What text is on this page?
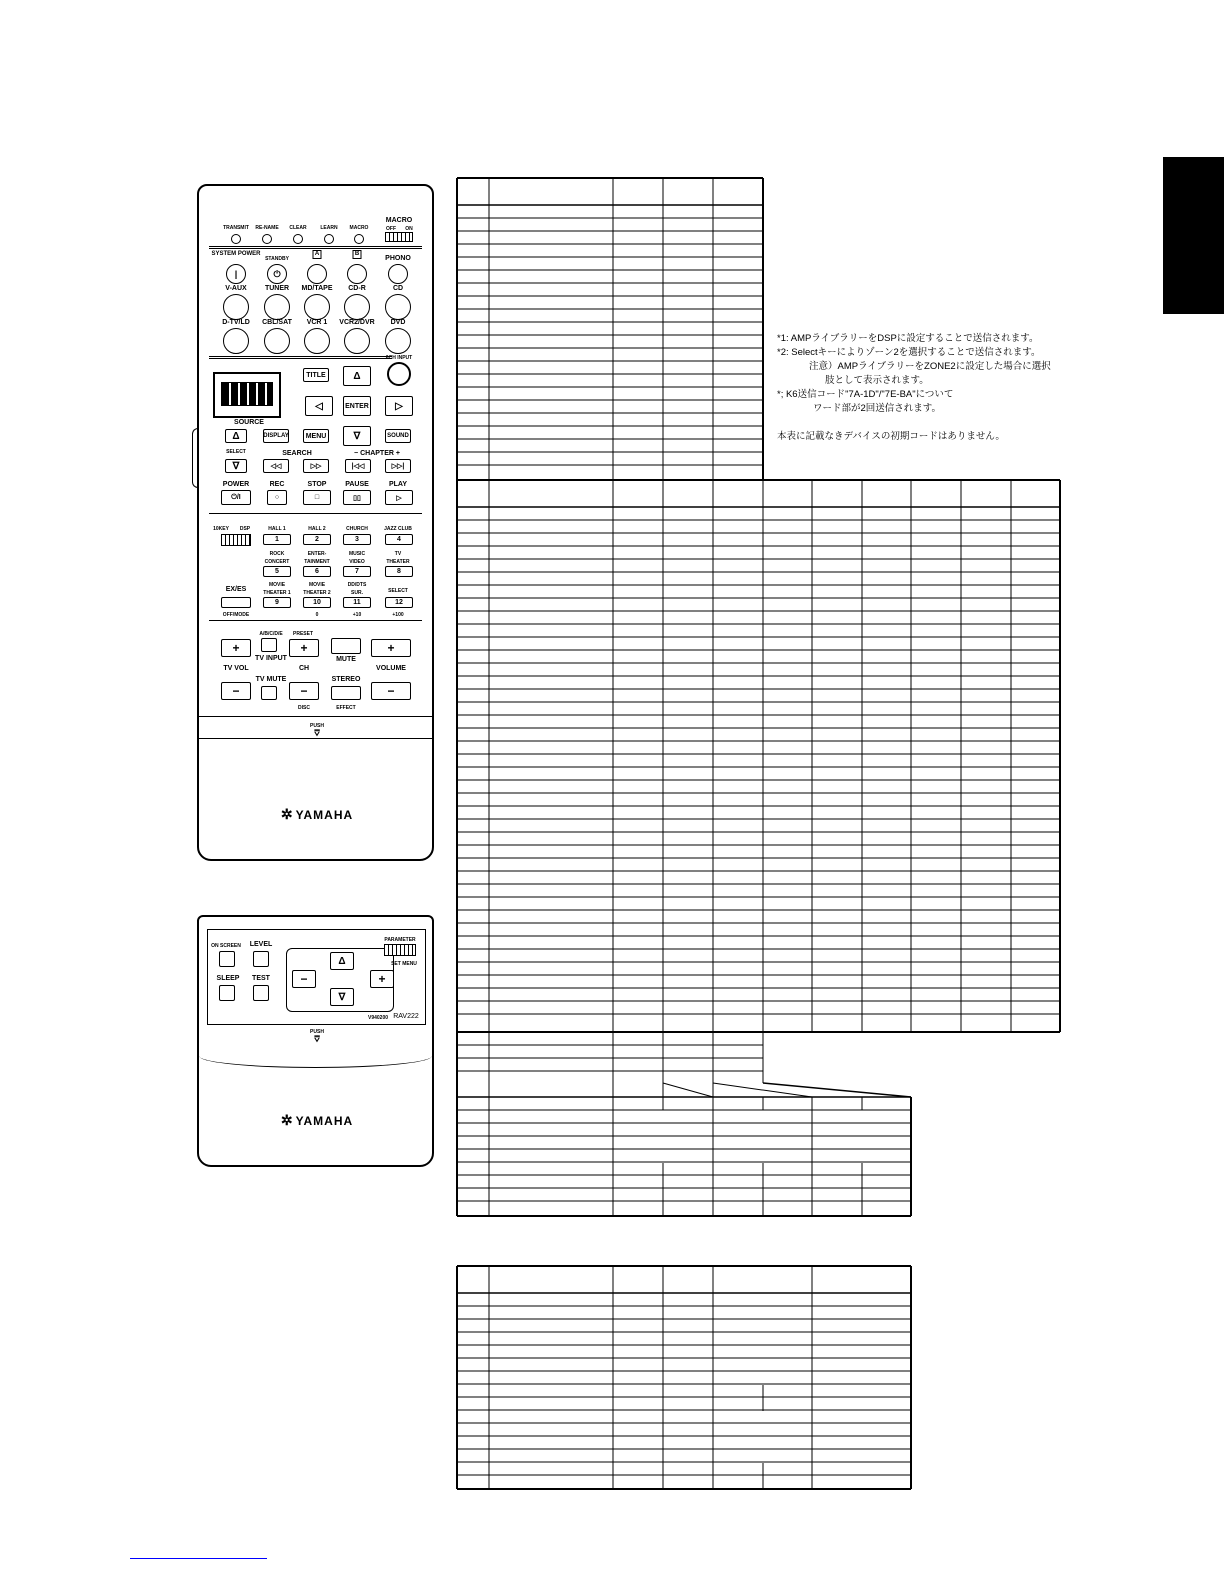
TRANSMIT RE-NAME CLEAR	LEARN MACRO
MACRO
OFF ON
SYSTEM POWER
STANDBY
A	B
PHONO
|	⏻
V-AUX	TUNER MD/TAPE CD-R	CD
D-TV/LD CBL/SAT VCR 1 VCR2/DVR DVD
6CH INPUT
TITLE	Δ
◁	ENTER	▷
∇
SOURCE
Δ	DISPLAY	MENU	SOUND
SELECT	SEARCH	− CHAPTER +
∇	◁◁	▷▷	|◁◁	▷▷|
POWER	REC	STOP	PAUSE	PLAY
⏻/I	○	□	▯▯	▷
10KEY DSP	HALL 1	HALL 2	CHURCH	JAZZ CLUB
1	2	3	4
ROCK CONCERT
ENTER-TAINMENT
MUSIC VIDEO
TV THEATER
5	6	7	8
EX/ES
MOVIE THEATER 1
MOVIE THEATER 2
DD/DTS SUR.	SELECT
9	10	11	12
OFF/MODE	0	+10	+100
A/B/C/D/E PRESET
+	+	+
TV VOL
TV INPUT
CH
MUTE
VOLUME
TV MUTE	STEREO
−	−	−
DISC	EFFECT
PUSH
⩢
✲ YAMAHA
ON SCREEN LEVEL
SLEEP TEST
Δ
−	+
∇
PARAMETER
SET MENU
V940200 RAV222
PUSH
⩢
✲ YAMAHA
*1: AMPライブラリーをDSPに設定することで送信されます。
*2: Selectキーによりゾーン2を選択することで送信されます。
注意）AMPライブラリーをZONE2に設定した場合に選択
肢として表示されます。
*; K6送信コード"7A-1D"/"7E-BA"について
ワード部が2回送信されます。
本表に記載なきデバイスの初期コードはありません。
